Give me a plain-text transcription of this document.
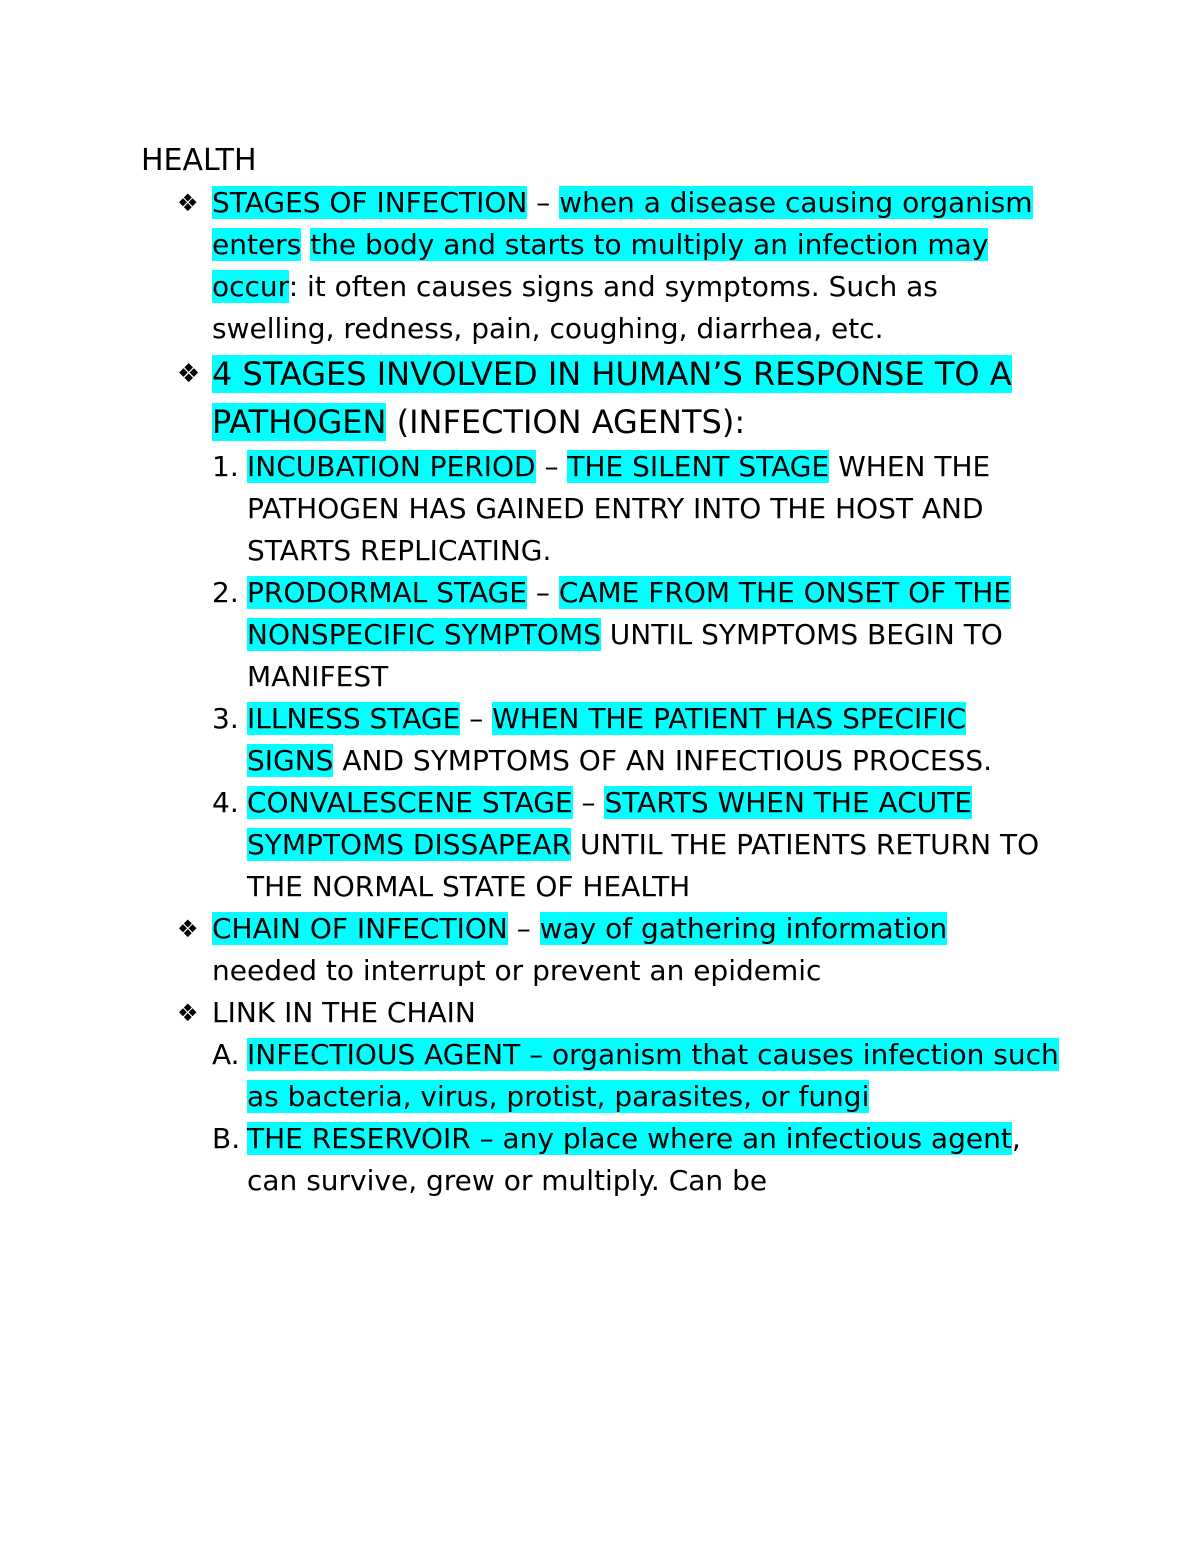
HEALTH
❖ STAGES OF INFECTION – when a disease causing organism enters the body and starts to multiply an infection may occur: it often causes signs and symptoms. Such as swelling, redness, pain, coughing, diarrhea, etc.
❖ 4 STAGES INVOLVED IN HUMAN’S RESPONSE TO A PATHOGEN (INFECTION AGENTS):
1. INCUBATION PERIOD – THE SILENT STAGE WHEN THE PATHOGEN HAS GAINED ENTRY INTO THE HOST AND STARTS REPLICATING.
2. PRODORMAL STAGE – CAME FROM THE ONSET OF THE NONSPECIFIC SYMPTOMS UNTIL SYMPTOMS BEGIN TO MANIFEST
3. ILLNESS STAGE – WHEN THE PATIENT HAS SPECIFIC SIGNS AND SYMPTOMS OF AN INFECTIOUS PROCESS.
4. CONVALESCENE STAGE – STARTS WHEN THE ACUTE SYMPTOMS DISSAPEAR UNTIL THE PATIENTS RETURN TO THE NORMAL STATE OF HEALTH
❖ CHAIN OF INFECTION – way of gathering information needed to interrupt or prevent an epidemic
❖ LINK IN THE CHAIN
A. INFECTIOUS AGENT – organism that causes infection such as bacteria, virus, protist, parasites, or fungi
B. THE RESERVOIR – any place where an infectious agent, can survive, grew or multiply. Can be
